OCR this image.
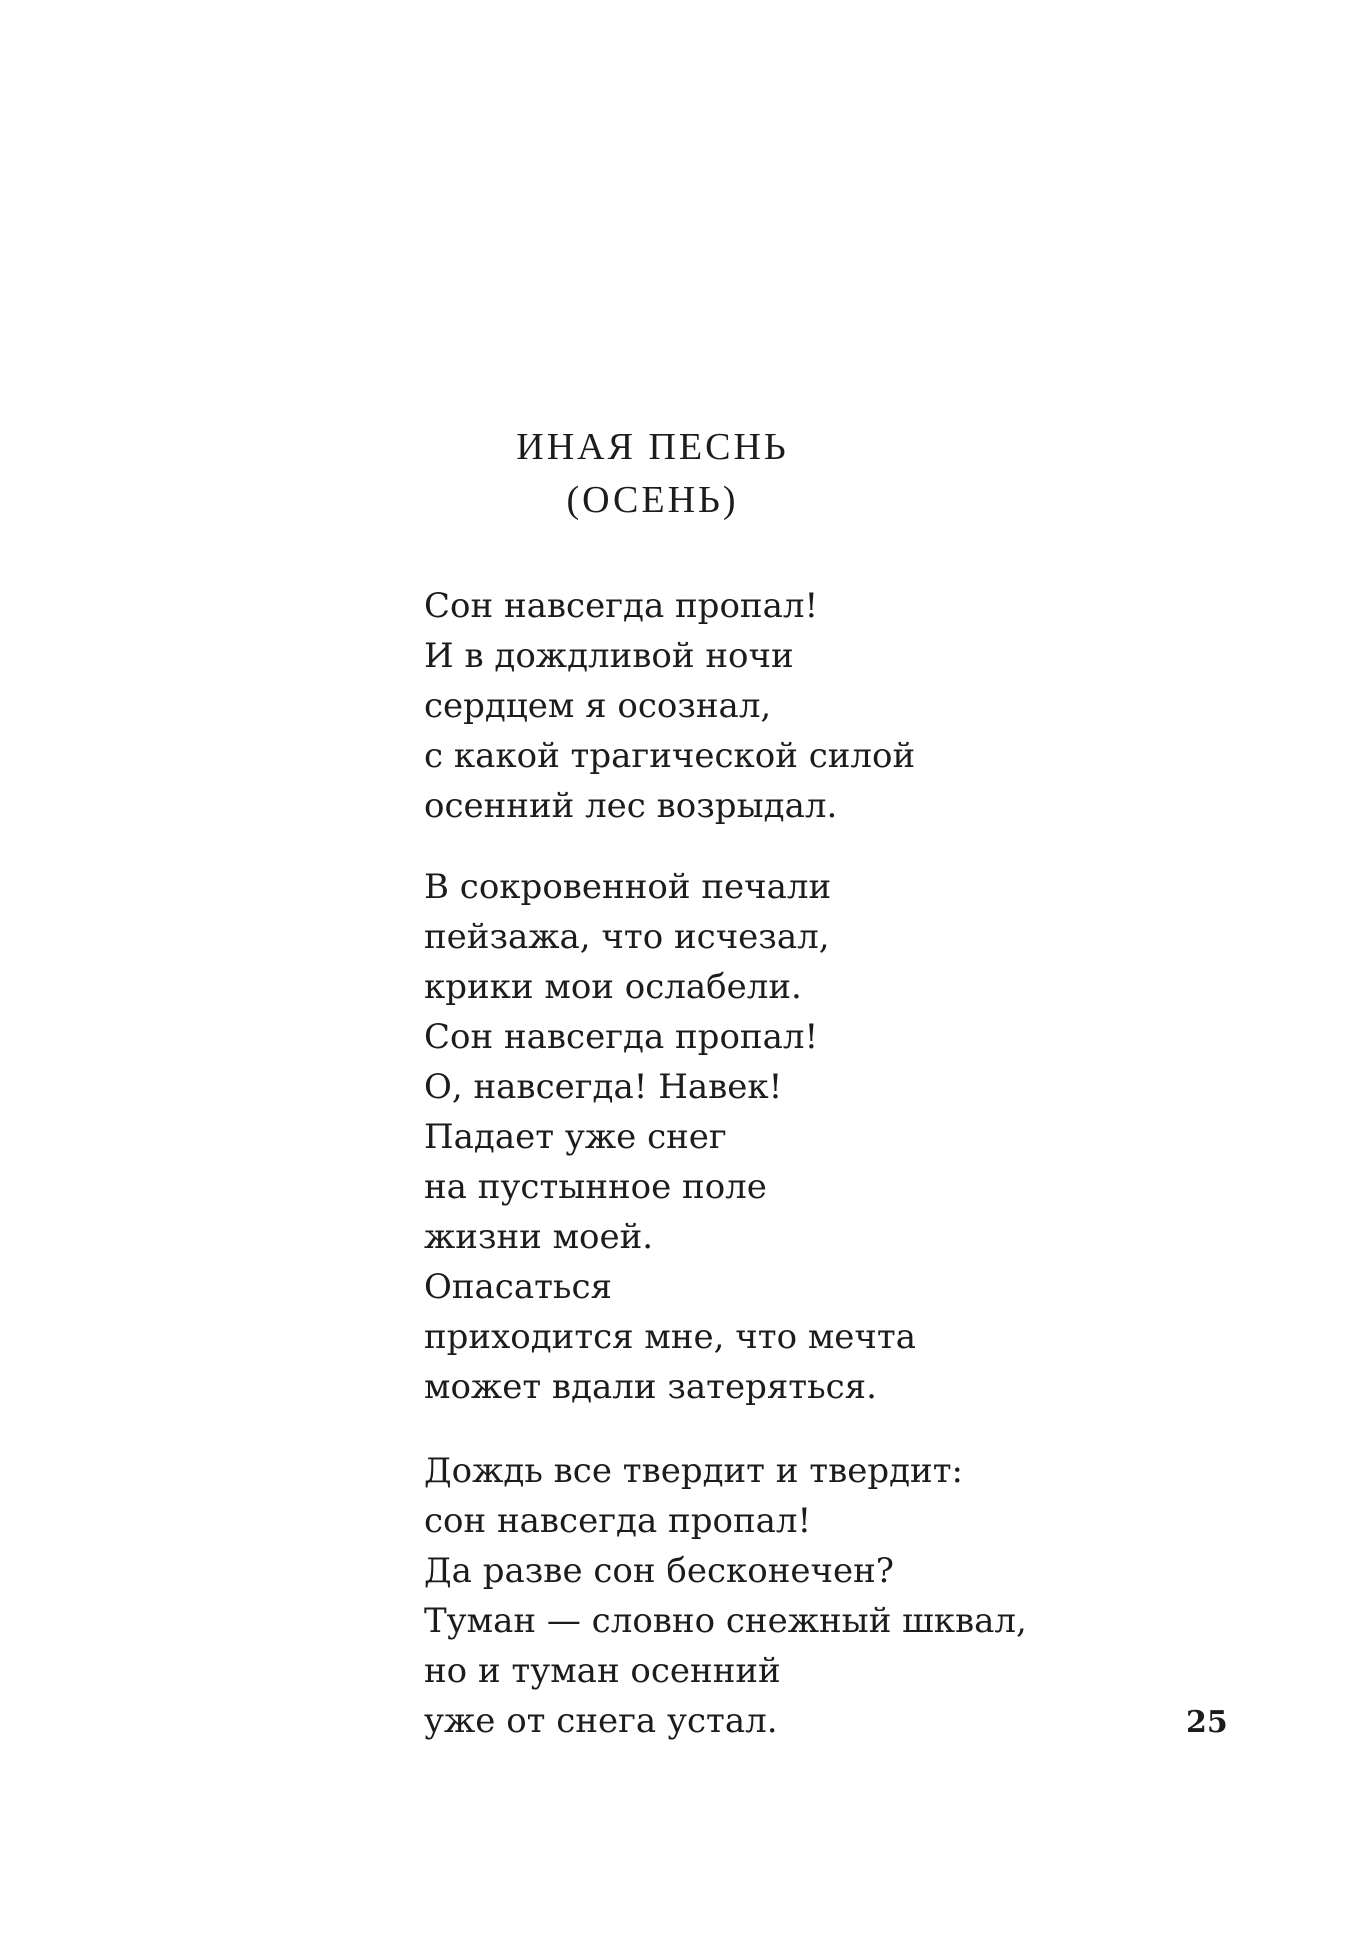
ИНАЯ ПЕСНЬ
(ОСЕНЬ)
Сон навсегда пропал!
И в дождливой ночи
сердцем я осознал,
с какой трагической силой
осенний лес возрыдал.
В сокровенной печали
пейзажа, что исчезал,
крики мои ослабели.
Сон навсегда пропал!
О, навсегда! Навек!
Падает уже снег
на пустынное поле
жизни моей.
Опасаться
приходится мне, что мечта
может вдали затеряться.
Дождь все твердит и твердит:
сон навсегда пропал!
Да разве сон бесконечен?
Туман — словно снежный шквал,
но и туман осенний
уже от снега устал.	25
